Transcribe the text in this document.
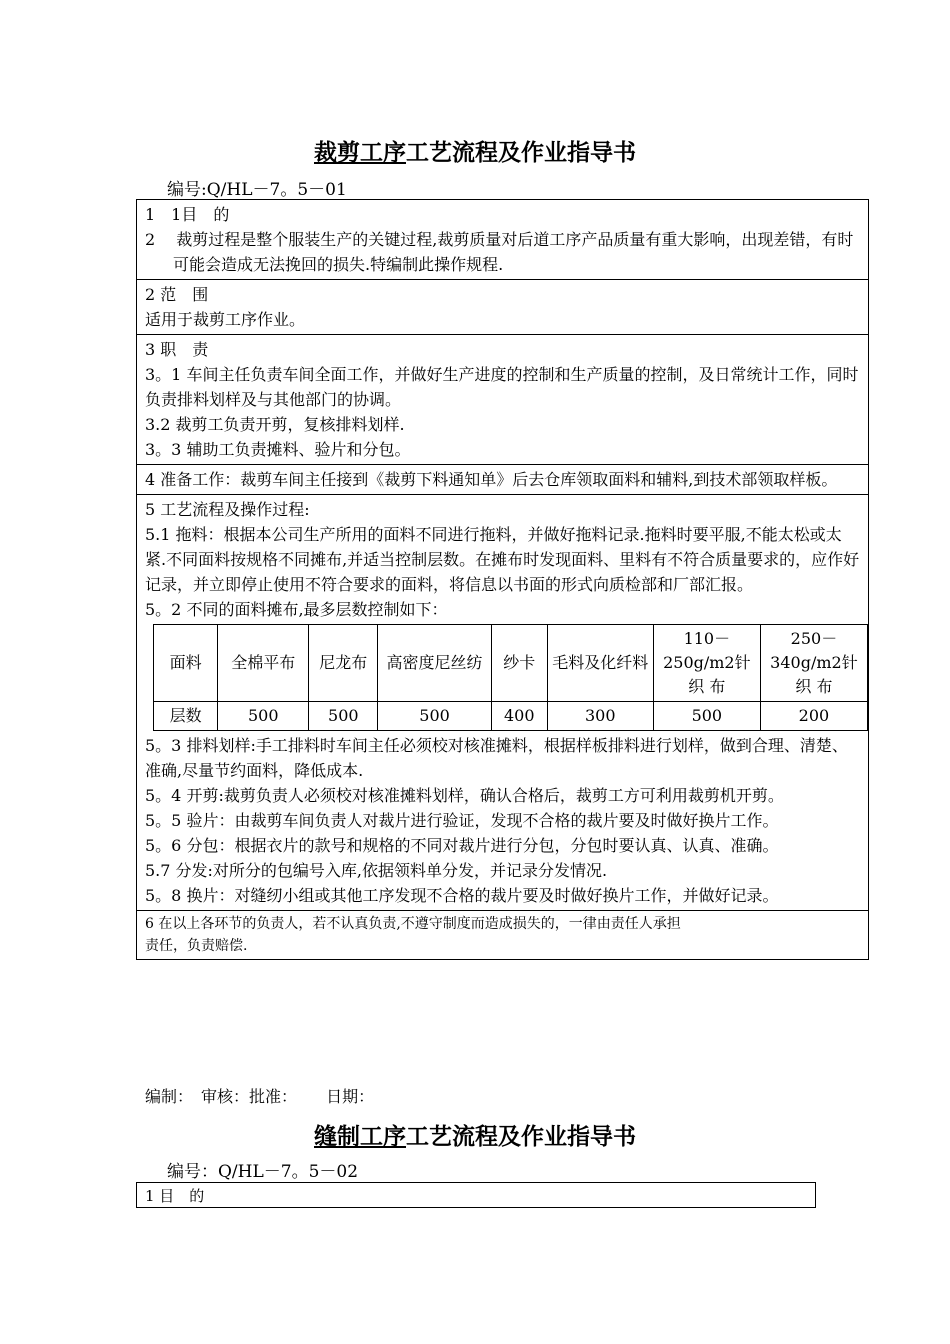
裁剪工序工艺流程及作业指导书
编号:Q/HL－7。5－01

1　1目　的

2　 裁剪过程是整个服装生产的关键过程,裁剪质量对后道工序产品质量有重大影响，出现差错，有时可能会造成无法挽回的损失.特编制此操作规程.

2 范　围

适用于裁剪工序作业。

3 职　责

3。1 车间主任负责车间全面工作，并做好生产进度的控制和生产质量的控制，及日常统计工作，同时负责排料划样及与其他部门的协调。

3.2 裁剪工负责开剪，复核排料划样.

3。3 辅助工负责摊料、验片和分包。

4 准备工作：裁剪车间主任接到《裁剪下料通知单》后去仓库领取面料和辅料,到技术部领取样板。

5 工艺流程及操作过程:

5.1 拖料：根据本公司生产所用的面料不同进行拖料，并做好拖料记录.拖料时要平服,不能太松或太紧.不同面料按规格不同摊布,并适当控制层数。在摊布时发现面料、里料有不符合质量要求的，应作好记录，并立即停止使用不符合要求的面料，将信息以书面的形式向质检部和厂部汇报。

5。2 不同的面料摊布,最多层数控制如下：

面料	全棉平布	尼龙布	高密度尼丝纺	纱卡	毛料及化纤料	110－250g/m2针 织 布	250－340g/m2针 织 布
层数	500	500	500	400	300	500	200

5。3 排料划样:手工排料时车间主任必须校对核准摊料，根据样板排料进行划样，做到合理、清楚、准确,尽量节约面料，降低成本.

5。4 开剪:裁剪负责人必须校对核准摊料划样，确认合格后，裁剪工方可利用裁剪机开剪。

5。5 验片：由裁剪车间负责人对裁片进行验证，发现不合格的裁片要及时做好换片工作。

5。6 分包：根据衣片的款号和规格的不同对裁片进行分包，分包时要认真、认真、准确。

5.7 分发:对所分的包编号入库,依据领料单分发，并记录分发情况.

5。8 换片：对缝纫小组或其他工序发现不合格的裁片要及时做好换片工作，并做好记录。

6 在以上各环节的负责人，若不认真负责,不遵守制度而造成损失的，一律由责任人承担

责任，负责赔偿.

编制：　审核：批准：　　 日期：
缝制工序工艺流程及作业指导书
编号：Q/HL－7。5－02
1 目　的
